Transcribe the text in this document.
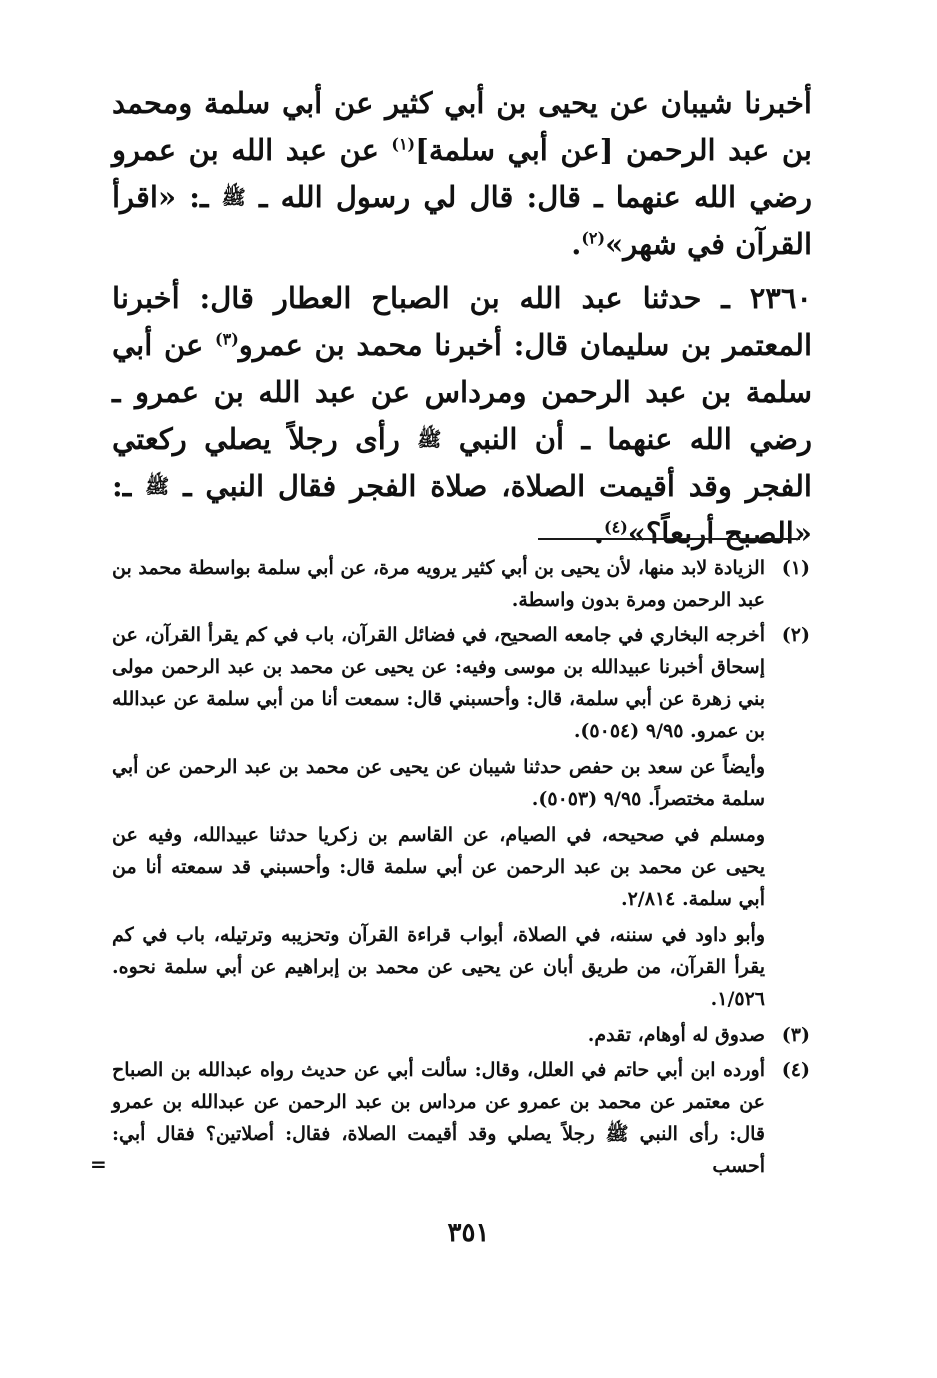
أخبرنا شيبان عن يحيى بن أبي كثير عن أبي سلمة ومحمد بن عبد الرحمن [عن أبي سلمة]$^{(١)}$ عن عبد الله بن عمرو رضي الله عنهما ـ قال: قال لي رسول الله ـ ﷺ ـ: «اقرأ القرآن في شهر»$^{(٢)}$.

٢٣٦٠ ـ حدثنا عبد الله بن الصباح العطار قال: أخبرنا المعتمر بن سليمان قال: أخبرنا محمد بن عمرو$^{(٣)}$ عن أبي سلمة بن عبد الرحمن ومرداس عن عبد الله بن عمرو ـ رضي الله عنهما ـ أن النبي ﷺ رأى رجلاً يصلي ركعتي الفجر وقد أقيمت الصلاة، صلاة الفجر فقال النبي ـ ﷺ ـ: «الصبح أربعاً؟»$^{(٤)}$.

(١)
الزيادة لابد منها، لأن يحيى بن أبي كثير يرويه مرة، عن أبي سلمة بواسطة محمد بن عبد الرحمن ومرة بدون واسطة.
(٢)

أخرجه البخاري في جامعه الصحيح، في فضائل القرآن، باب في كم يقرأ القرآن، عن إسحاق أخبرنا عبيدالله بن موسى وفيه: عن يحيى عن محمد بن عبد الرحمن مولى بني زهرة عن أبي سلمة، قال: وأحسبني قال: سمعت أنا من أبي سلمة عن عبدالله بن عمرو. ٩/٩٥ (٥٠٥٤).

وأيضاً عن سعد بن حفص حدثنا شيبان عن يحيى عن محمد بن عبد الرحمن عن أبي سلمة مختصراً. ٩/٩٥ (٥٠٥٣).

ومسلم في صحيحه، في الصيام، عن القاسم بن زكريا حدثنا عبيدالله، وفيه عن يحيى عن محمد بن عبد الرحمن عن أبي سلمة قال: وأحسبني قد سمعته أنا من أبي سلمة. ٢/٨١٤.

وأبو داود في سننه، في الصلاة، أبواب قراءة القرآن وتحزيبه وترتيله، باب في كم يقرأ القرآن، من طريق أبان عن يحيى عن محمد بن إبراهيم عن أبي سلمة نحوه. ١/٥٢٦.

(٣)
صدوق له أوهام، تقدم.
(٤)
أورده ابن أبي حاتم في العلل، وقال: سألت أبي عن حديث رواه عبدالله بن الصباح عن معتمر عن محمد بن عمرو عن مرداس بن عبد الرحمن عن عبدالله بن عمرو قال: رأى النبي ﷺ رجلاً يصلي وقد أقيمت الصلاة، فقال: أصلاتين؟ فقال أبي: أحسب
=
٣٥١
